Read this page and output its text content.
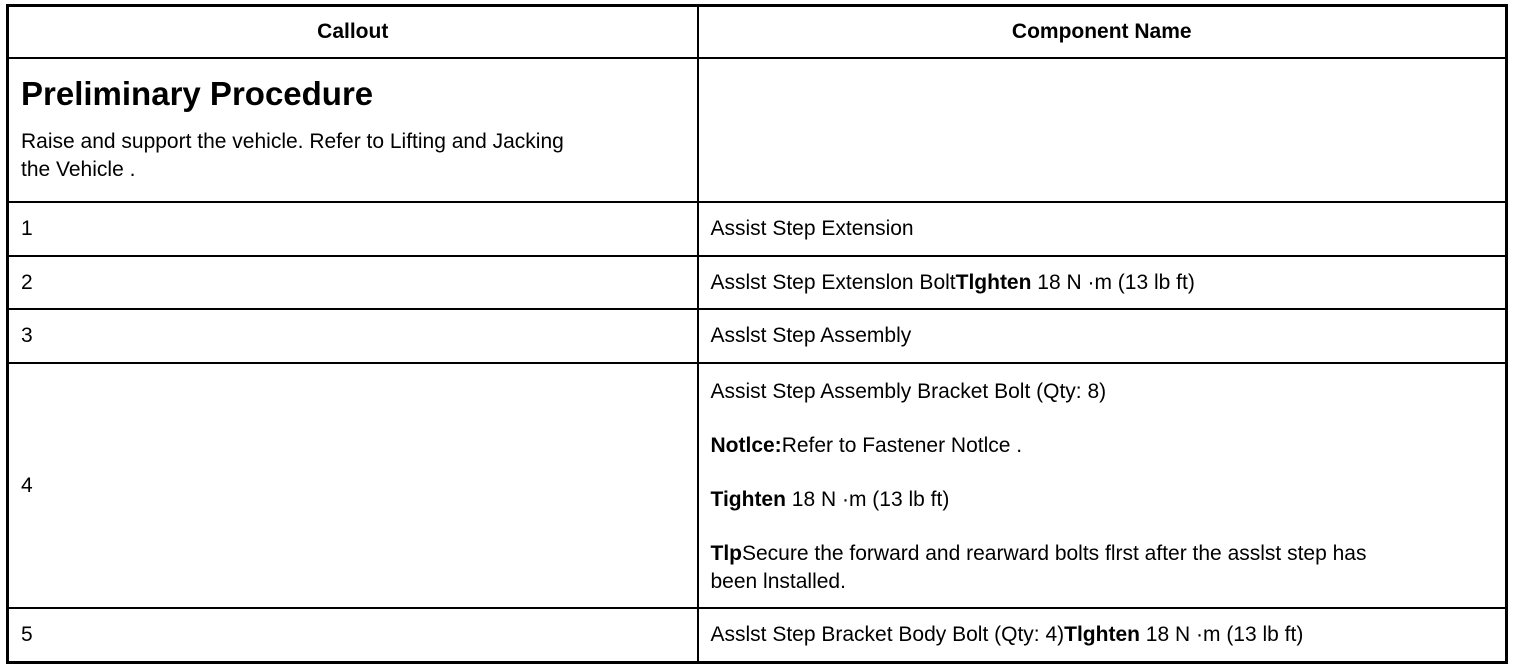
Callout	Component Name

Preliminary Procedure
Raise and support the vehicle. Refer to Lifting and Jacking
the Vehicle .	

1	Assist Step Extension
2	Asslst Step Extenslon BoltTlghten 18 N ·m (13 lb ft)
3	Asslst Step Assembly
4	Assist Step Assembly Bracket Bolt (Qty: 8)

Notlce:Refer to Fastener Notlce .

Tighten 18 N ·m (13 lb ft)

TlpSecure the forward and rearward bolts flrst after the asslst step has
been lnstalled.

5	Asslst Step Bracket Body Bolt (Qty: 4)Tlghten 18 N ·m (13 lb ft)
